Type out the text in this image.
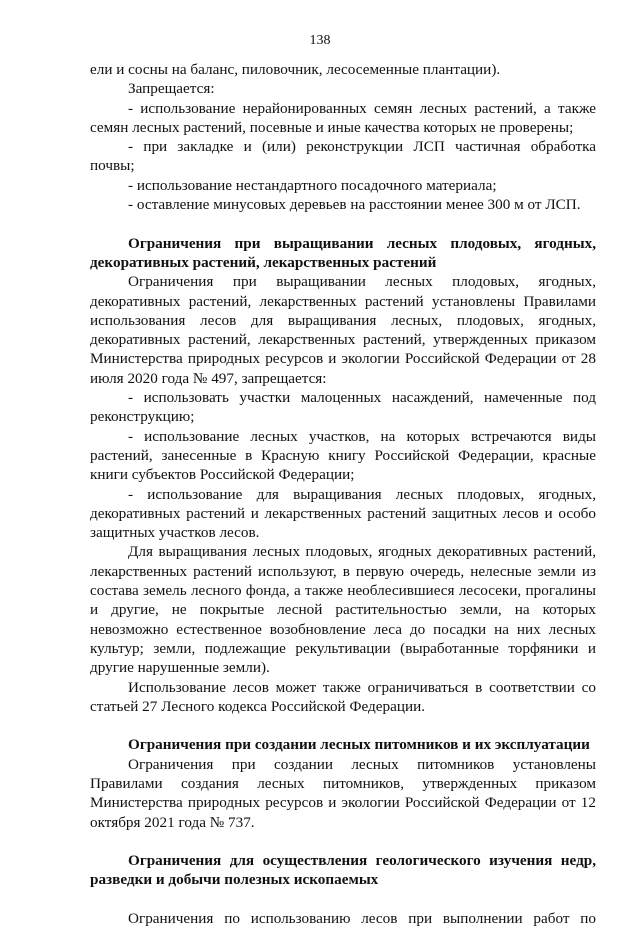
138
ели и сосны на баланс, пиловочник, лесосеменные плантации).
Запрещается:
- использование нерайонированных семян лесных растений, а также
семян лесных растений, посевные и иные качества которых не проверены;
- при закладке и (или) реконструкции ЛСП частичная обработка
почвы;
- использование нестандартного посадочного материала;
- оставление минусовых деревьев на расстоянии менее 300 м от ЛСП.
Ограничения при выращивании лесных плодовых, ягодных,
декоративных растений, лекарственных растений
Ограничения при выращивании лесных плодовых, ягодных,
декоративных растений, лекарственных растений установлены Правилами
использования лесов для выращивания лесных, плодовых, ягодных,
декоративных растений, лекарственных растений, утвержденных приказом
Министерства природных ресурсов и экологии Российской Федерации от 28
июля 2020 года № 497, запрещается:
- использовать участки малоценных насаждений, намеченные под
реконструкцию;
- использование лесных участков, на которых встречаются виды
растений, занесенные в Красную книгу Российской Федерации, красные
книги субъектов Российской Федерации;
- использование для выращивания лесных плодовых, ягодных,
декоративных растений и лекарственных растений защитных лесов и особо
защитных участков лесов.
Для выращивания лесных плодовых, ягодных декоративных растений,
лекарственных растений используют, в первую очередь, нелесные земли из
состава земель лесного фонда, а также необлесившиеся лесосеки, прогалины
и другие, не покрытые лесной растительностью земли, на которых
невозможно естественное возобновление леса до посадки на них лесных
культур; земли, подлежащие рекультивации (выработанные торфяники и
другие нарушенные земли).
Использование лесов может также ограничиваться в соответствии со
статьей 27 Лесного кодекса Российской Федерации.
Ограничения при создании лесных питомников и их эксплуатации
Ограничения при создании лесных питомников установлены
Правилами создания лесных питомников, утвержденных приказом
Министерства природных ресурсов и экологии Российской Федерации от 12
октября 2021 года № 737.
Ограничения для осуществления геологического изучения недр,
разведки и добычи полезных ископаемых
Ограничения по использованию лесов при выполнении работ по
